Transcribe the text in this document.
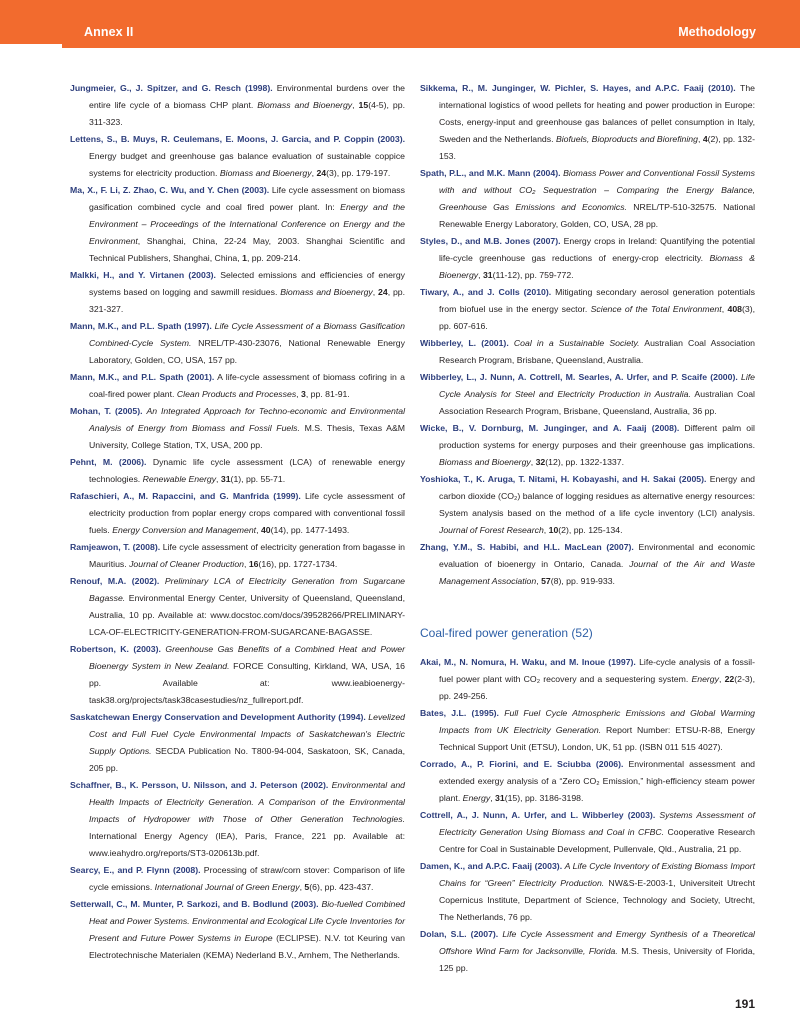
Annex II	Methodology

Jungmeier, G., J. Spitzer, and G. Resch (1998). Environmental burdens over the entire life cycle of a biomass CHP plant. Biomass and Bioenergy, 15(4-5), pp. 311-323.

Lettens, S., B. Muys, R. Ceulemans, E. Moons, J. Garcia, and P. Coppin (2003). Energy budget and greenhouse gas balance evaluation of sustainable coppice systems for electricity production. Biomass and Bioenergy, 24(3), pp. 179-197.

Ma, X., F. Li, Z. Zhao, C. Wu, and Y. Chen (2003). Life cycle assessment on biomass gasification combined cycle and coal fired power plant. In: Energy and the Environment – Proceedings of the International Conference on Energy and the Environment, Shanghai, China, 22-24 May, 2003. Shanghai Scientific and Technical Publishers, Shanghai, China, 1, pp. 209-214.

Malkki, H., and Y. Virtanen (2003). Selected emissions and efficiencies of energy systems based on logging and sawmill residues. Biomass and Bioenergy, 24, pp. 321-327.

Mann, M.K., and P.L. Spath (1997). Life Cycle Assessment of a Biomass Gasification Combined-Cycle System. NREL/TP-430-23076, National Renewable Energy Laboratory, Golden, CO, USA, 157 pp.

Mann, M.K., and P.L. Spath (2001). A life-cycle assessment of biomass cofiring in a coal-fired power plant. Clean Products and Processes, 3, pp. 81-91.

Mohan, T. (2005). An Integrated Approach for Techno-economic and Environmental Analysis of Energy from Biomass and Fossil Fuels. M.S. Thesis, Texas A&M University, College Station, TX, USA, 200 pp.

Pehnt, M. (2006). Dynamic life cycle assessment (LCA) of renewable energy technologies. Renewable Energy, 31(1), pp. 55-71.

Rafaschieri, A., M. Rapaccini, and G. Manfrida (1999). Life cycle assessment of electricity production from poplar energy crops compared with conventional fossil fuels. Energy Conversion and Management, 40(14), pp. 1477-1493.

Ramjeawon, T. (2008). Life cycle assessment of electricity generation from bagasse in Mauritius. Journal of Cleaner Production, 16(16), pp. 1727-1734.

Renouf, M.A. (2002). Preliminary LCA of Electricity Generation from Sugarcane Bagasse. Environmental Energy Center, University of Queensland, Queensland, Australia, 10 pp. Available at: www.docstoc.com/docs/39528266/PRELIMINARY-LCA-OF-ELECTRICITY-GENERATION-FROM-SUGARCANE-BAGASSE.

Robertson, K. (2003). Greenhouse Gas Benefits of a Combined Heat and Power Bioenergy System in New Zealand. FORCE Consulting, Kirkland, WA, USA, 16 pp. Available at: www.ieabioenergy-task38.org/projects/task38casestudies/nz_fullreport.pdf.

Saskatchewan Energy Conservation and Development Authority (1994). Levelized Cost and Full Fuel Cycle Environmental Impacts of Saskatchewan's Electric Supply Options. SECDA Publication No. T800-94-004, Saskatoon, SK, Canada, 205 pp.

Schaffner, B., K. Persson, U. Nilsson, and J. Peterson (2002). Environmental and Health Impacts of Electricity Generation. A Comparison of the Environmental Impacts of Hydropower with Those of Other Generation Technologies. International Energy Agency (IEA), Paris, France, 221 pp. Available at: www.ieahydro.org/reports/ST3-020613b.pdf.

Searcy, E., and P. Flynn (2008). Processing of straw/corn stover: Comparison of life cycle emissions. International Journal of Green Energy, 5(6), pp. 423-437.

Setterwall, C., M. Munter, P. Sarkozi, and B. Bodlund (2003). Bio-fuelled Combined Heat and Power Systems. Environmental and Ecological Life Cycle Inventories for Present and Future Power Systems in Europe (ECLIPSE). N.V. tot Keuring van Electrotechnische Materialen (KEMA) Nederland B.V., Arnhem, The Netherlands.

Sikkema, R., M. Junginger, W. Pichler, S. Hayes, and A.P.C. Faaij (2010). The international logistics of wood pellets for heating and power production in Europe: Costs, energy-input and greenhouse gas balances of pellet consumption in Italy, Sweden and the Netherlands. Biofuels, Bioproducts and Biorefining, 4(2), pp. 132-153.

Spath, P.L., and M.K. Mann (2004). Biomass Power and Conventional Fossil Systems with and without CO₂ Sequestration – Comparing the Energy Balance, Greenhouse Gas Emissions and Economics. NREL/TP-510-32575. National Renewable Energy Laboratory, Golden, CO, USA, 28 pp.

Styles, D., and M.B. Jones (2007). Energy crops in Ireland: Quantifying the potential life-cycle greenhouse gas reductions of energy-crop electricity. Biomass & Bioenergy, 31(11-12), pp. 759-772.

Tiwary, A., and J. Colls (2010). Mitigating secondary aerosol generation potentials from biofuel use in the energy sector. Science of the Total Environment, 408(3), pp. 607-616.

Wibberley, L. (2001). Coal in a Sustainable Society. Australian Coal Association Research Program, Brisbane, Queensland, Australia.

Wibberley, L., J. Nunn, A. Cottrell, M. Searles, A. Urfer, and P. Scaife (2000). Life Cycle Analysis for Steel and Electricity Production in Australia. Australian Coal Association Research Program, Brisbane, Queensland, Australia, 36 pp.

Wicke, B., V. Dornburg, M. Junginger, and A. Faaij (2008). Different palm oil production systems for energy purposes and their greenhouse gas implications. Biomass and Bioenergy, 32(12), pp. 1322-1337.

Yoshioka, T., K. Aruga, T. Nitami, H. Kobayashi, and H. Sakai (2005). Energy and carbon dioxide (CO₂) balance of logging residues as alternative energy resources: System analysis based on the method of a life cycle inventory (LCI) analysis. Journal of Forest Research, 10(2), pp. 125-134.

Zhang, Y.M., S. Habibi, and H.L. MacLean (2007). Environmental and economic evaluation of bioenergy in Ontario, Canada. Journal of the Air and Waste Management Association, 57(8), pp. 919-933.

Coal-fired power generation (52)

Akai, M., N. Nomura, H. Waku, and M. Inoue (1997). Life-cycle analysis of a fossil-fuel power plant with CO₂ recovery and a sequestering system. Energy, 22(2-3), pp. 249-256.

Bates, J.L. (1995). Full Fuel Cycle Atmospheric Emissions and Global Warming Impacts from UK Electricity Generation. Report Number: ETSU-R-88, Energy Technical Support Unit (ETSU), London, UK, 51 pp. (ISBN 011 515 4027).

Corrado, A., P. Fiorini, and E. Sciubba (2006). Environmental assessment and extended exergy analysis of a “Zero CO₂ Emission,” high-efficiency steam power plant. Energy, 31(15), pp. 3186-3198.

Cottrell, A., J. Nunn, A. Urfer, and L. Wibberley (2003). Systems Assessment of Electricity Generation Using Biomass and Coal in CFBC. Cooperative Research Centre for Coal in Sustainable Development, Pullenvale, Qld., Australia, 21 pp.

Damen, K., and A.P.C. Faaij (2003). A Life Cycle Inventory of Existing Biomass Import Chains for “Green” Electricity Production. NW&S-E-2003-1, Universiteit Utrecht Copernicus Institute, Department of Science, Technology and Society, Utrecht, The Netherlands, 76 pp.

Dolan, S.L. (2007). Life Cycle Assessment and Emergy Synthesis of a Theoretical Offshore Wind Farm for Jacksonville, Florida. M.S. Thesis, University of Florida, 125 pp.

191
